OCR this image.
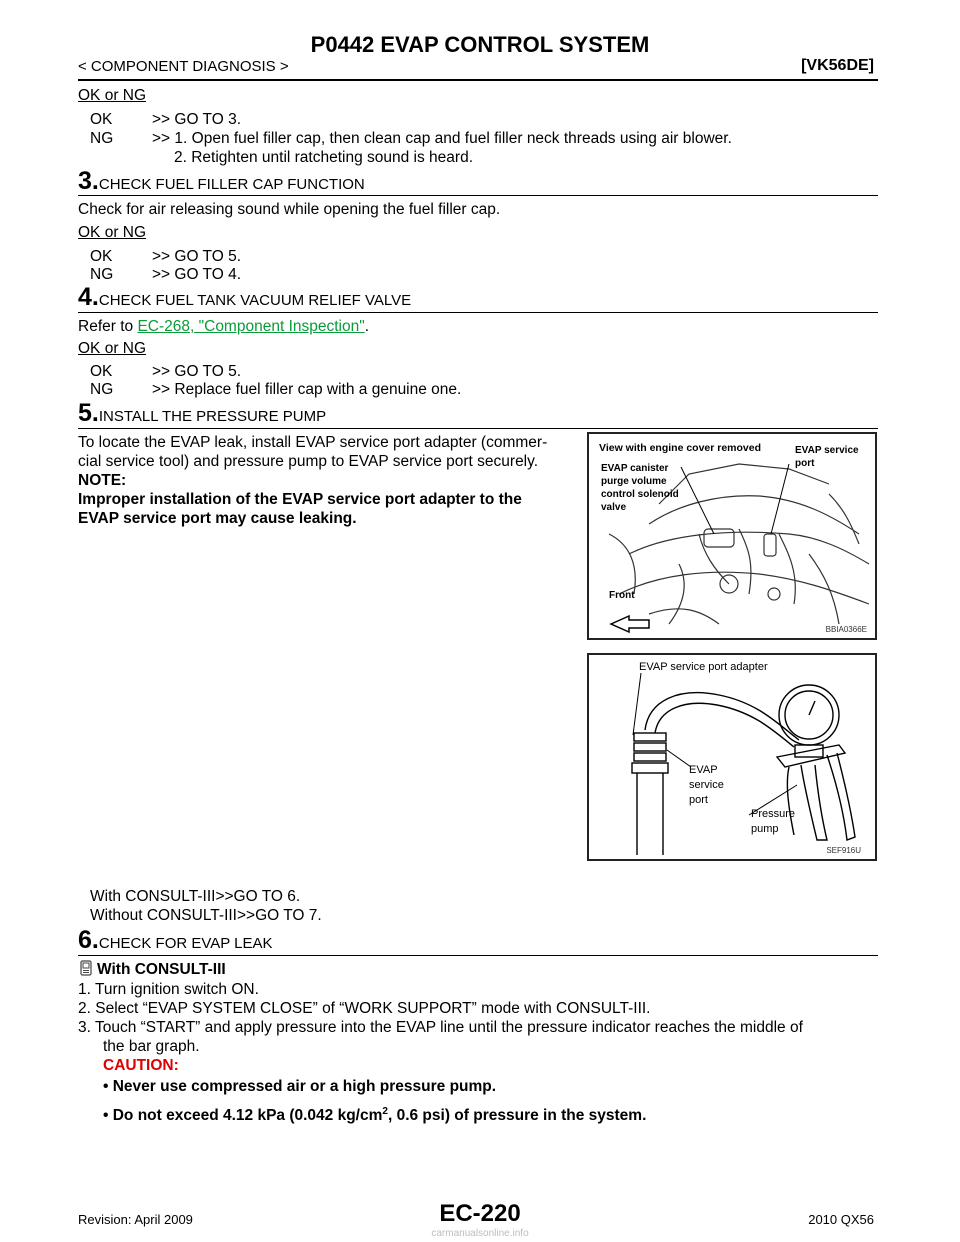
P0442 EVAP CONTROL SYSTEM
< COMPONENT DIAGNOSIS >	[VK56DE]
OK or NG
OK	>> GO TO 3.
NG	>> 1. Open fuel filler cap, then clean cap and fuel filler neck threads using air blower.
2. Retighten until ratcheting sound is heard.
3.CHECK FUEL FILLER CAP FUNCTION
Check for air releasing sound while opening the fuel filler cap.
OK or NG
OK	>> GO TO 5.
NG	>> GO TO 4.
4.CHECK FUEL TANK VACUUM RELIEF VALVE
Refer to EC-268, "Component Inspection".
OK or NG
OK	>> GO TO 5.
NG	>> Replace fuel filler cap with a genuine one.
5.INSTALL THE PRESSURE PUMP
To locate the EVAP leak, install EVAP service port adapter (commer-
cial service tool) and pressure pump to EVAP service port securely.
NOTE:
Improper installation of the EVAP service port adapter to the
EVAP service port may cause leaking.
View with engine cover removed
EVAP canister
purge volume
control solenoid
valve
EVAP service
port
Front
BBIA0366E
EVAP service port adapter
EVAP
service
port
Pressure
pump
SEF916U
With CONSULT-III>>GO TO 6.
Without CONSULT-III>>GO TO 7.
6.CHECK FOR EVAP LEAK
With CONSULT-III
1. Turn ignition switch ON.
2. Select “EVAP SYSTEM CLOSE” of “WORK SUPPORT” mode with CONSULT-III.
3. Touch “START” and apply pressure into the EVAP line until the pressure indicator reaches the middle of
the bar graph.
CAUTION:
• Never use compressed air or a high pressure pump.
• Do not exceed 4.12 kPa (0.042 $kg/cm^2$, 0.6 psi) of pressure in the system.
Revision: April 2009	EC-220	2010 QX56
carmanualsonline.info
